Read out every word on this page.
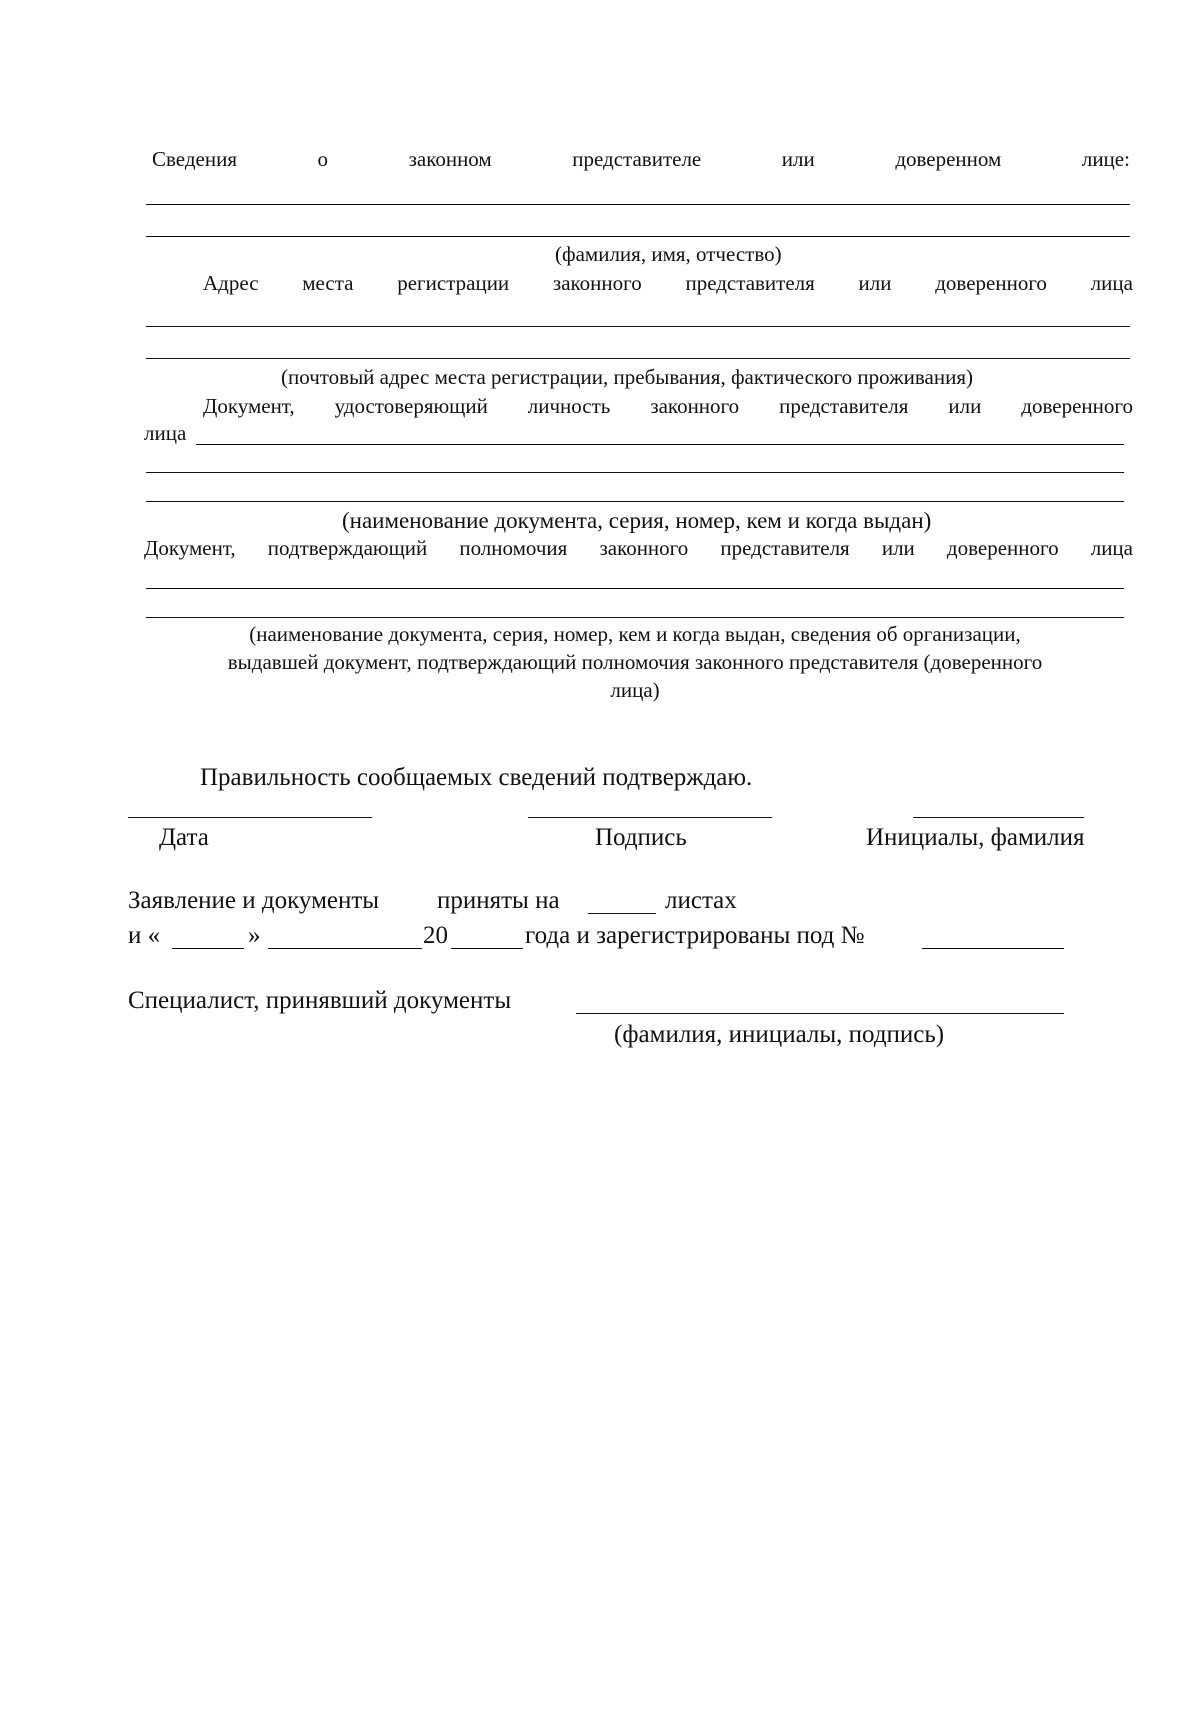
Сведения	о	законном	представителе	или	доверенном	лице:
(фамилия, имя, отчество)
Адрес места регистрации законного представителя или доверенного лица
(почтовый адрес места регистрации, пребывания, фактического проживания)
Документ, удостоверяющий личность законного представителя или доверенного
лица
(наименование документа, серия, номер, кем и когда выдан)
Документ, подтверждающий полномочия законного представителя или доверенного лица
(наименование документа, серия, номер, кем и когда выдан, сведения об организации,
выдавшей документ, подтверждающий полномочия законного представителя (доверенного
лица)
Правильность сообщаемых сведений подтверждаю.
Дата	Подпись	Инициалы, фамилия
Заявление и документы приняты на	листах
и «	»	20	года и зарегистрированы под №
Специалист, принявший документы
(фамилия, инициалы, подпись)
